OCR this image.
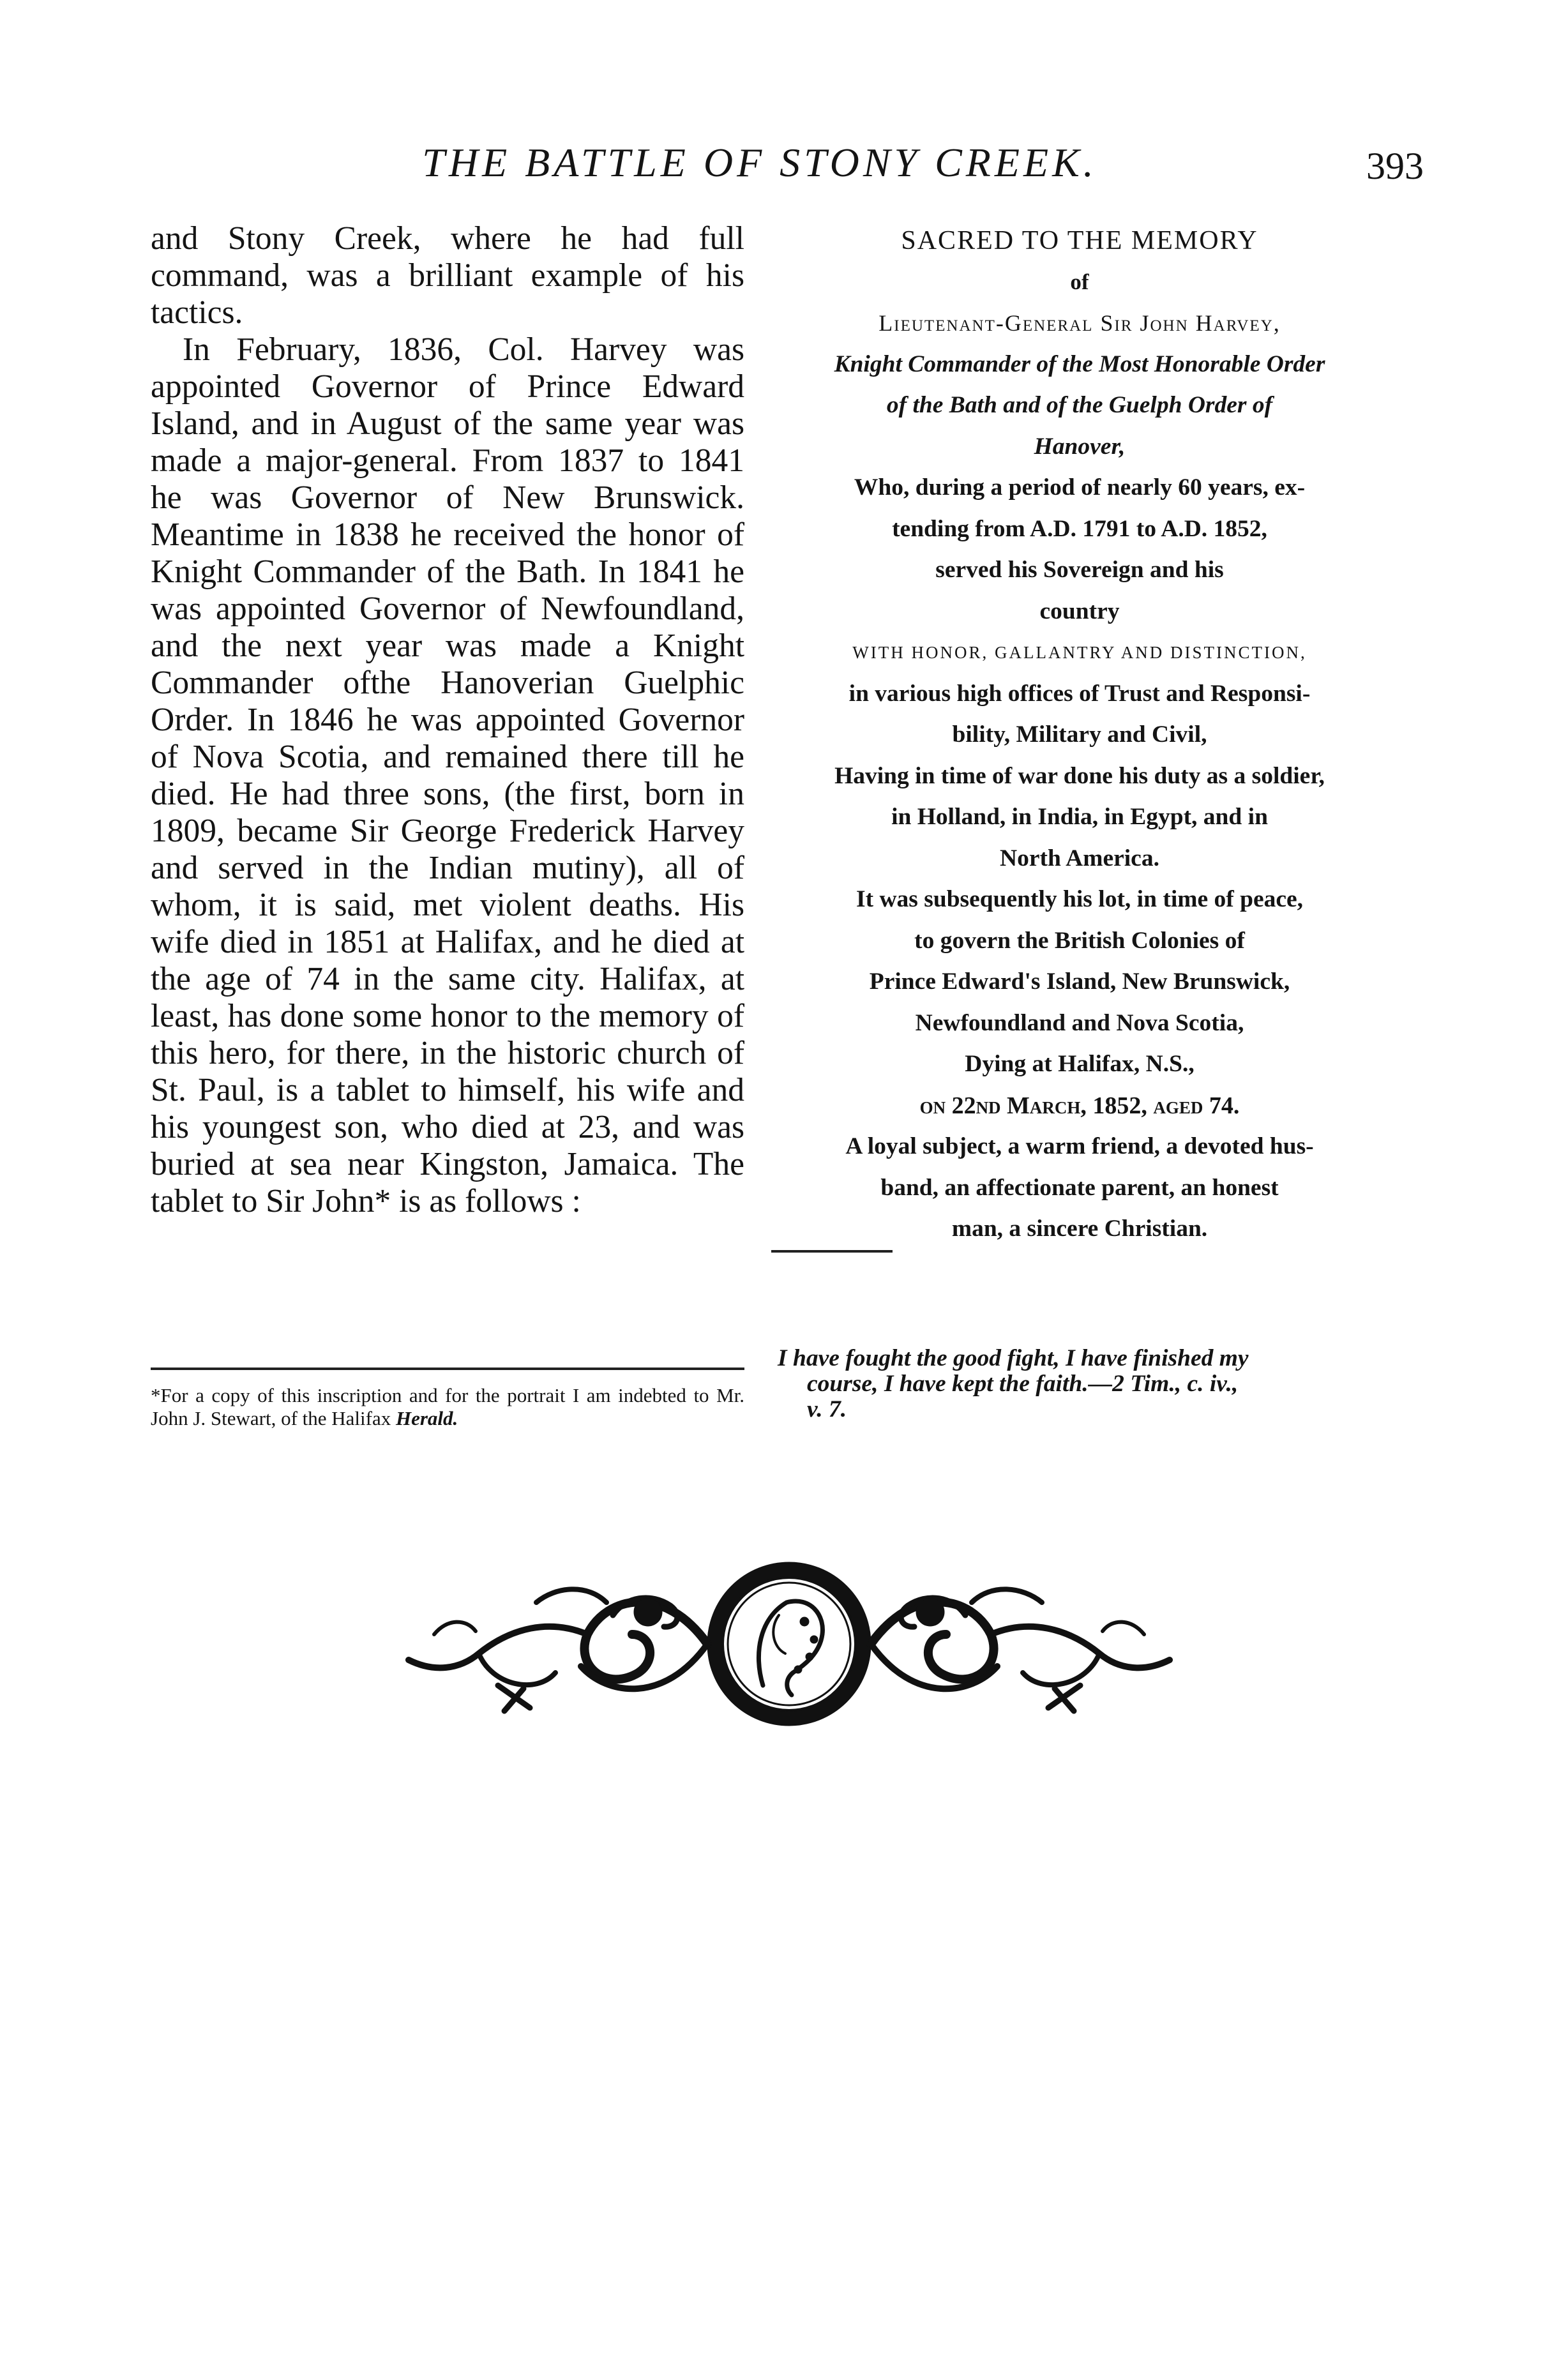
THE BATTLE OF STONY CREEK.	393

and Stony Creek, where he had full command, was a brilliant example of his tactics.

In February, 1836, Col. Harvey was appointed Governor of Prince Edward Island, and in August of the same year was made a major-general. From 1837 to 1841 he was Governor of New Brunswick. Meantime in 1838 he received the honor of Knight Commander of the Bath. In 1841 he was appointed Governor of Newfoundland, and the next year was made a Knight Commander ofthe Hanoverian Guelphic Order. In 1846 he was appointed Governor of Nova Scotia, and remained there till he died. He had three sons, (the first, born in 1809, became Sir George Frederick Harvey and served in the Indian mutiny), all of whom, it is said, met violent deaths. His wife died in 1851 at Halifax, and he died at the age of 74 in the same city. Halifax, at least, has done some honor to the memory of this hero, for there, in the historic church of St. Paul, is a tablet to himself, his wife and his youngest son, who died at 23, and was buried at sea near Kingston, Jamaica. The tablet to Sir John* is as follows :

*For a copy of this inscription and for the portrait I am indebted to Mr. John J. Stewart, of the Halifax Herald.
SACRED TO THE MEMORY
of
Lieutenant-General Sir John Harvey,
Knight Commander of the Most Honorable Order
of the Bath and of the Guelph Order of
Hanover,
Who, during a period of nearly 60 years, ex-
tending from A.D. 1791 to A.D. 1852,
served his Sovereign and his
country
WITH HONOR, GALLANTRY AND DISTINCTION,
in various high offices of Trust and Responsi-
bility, Military and Civil,
Having in time of war done his duty as a soldier,
in Holland, in India, in Egypt, and in
North America.
It was subsequently his lot, in time of peace,
to govern the British Colonies of
Prince Edward's Island, New Brunswick,
Newfoundland and Nova Scotia,
Dying at Halifax, N.S.,
on 22nd March, 1852, aged 74.
A loyal subject, a warm friend, a devoted hus-
band, an affectionate parent, an honest
man, a sincere Christian.
I have fought the good fight, I have finished my

course, I have kept the faith.—2 Tim., c. iv.,
v. 7.
